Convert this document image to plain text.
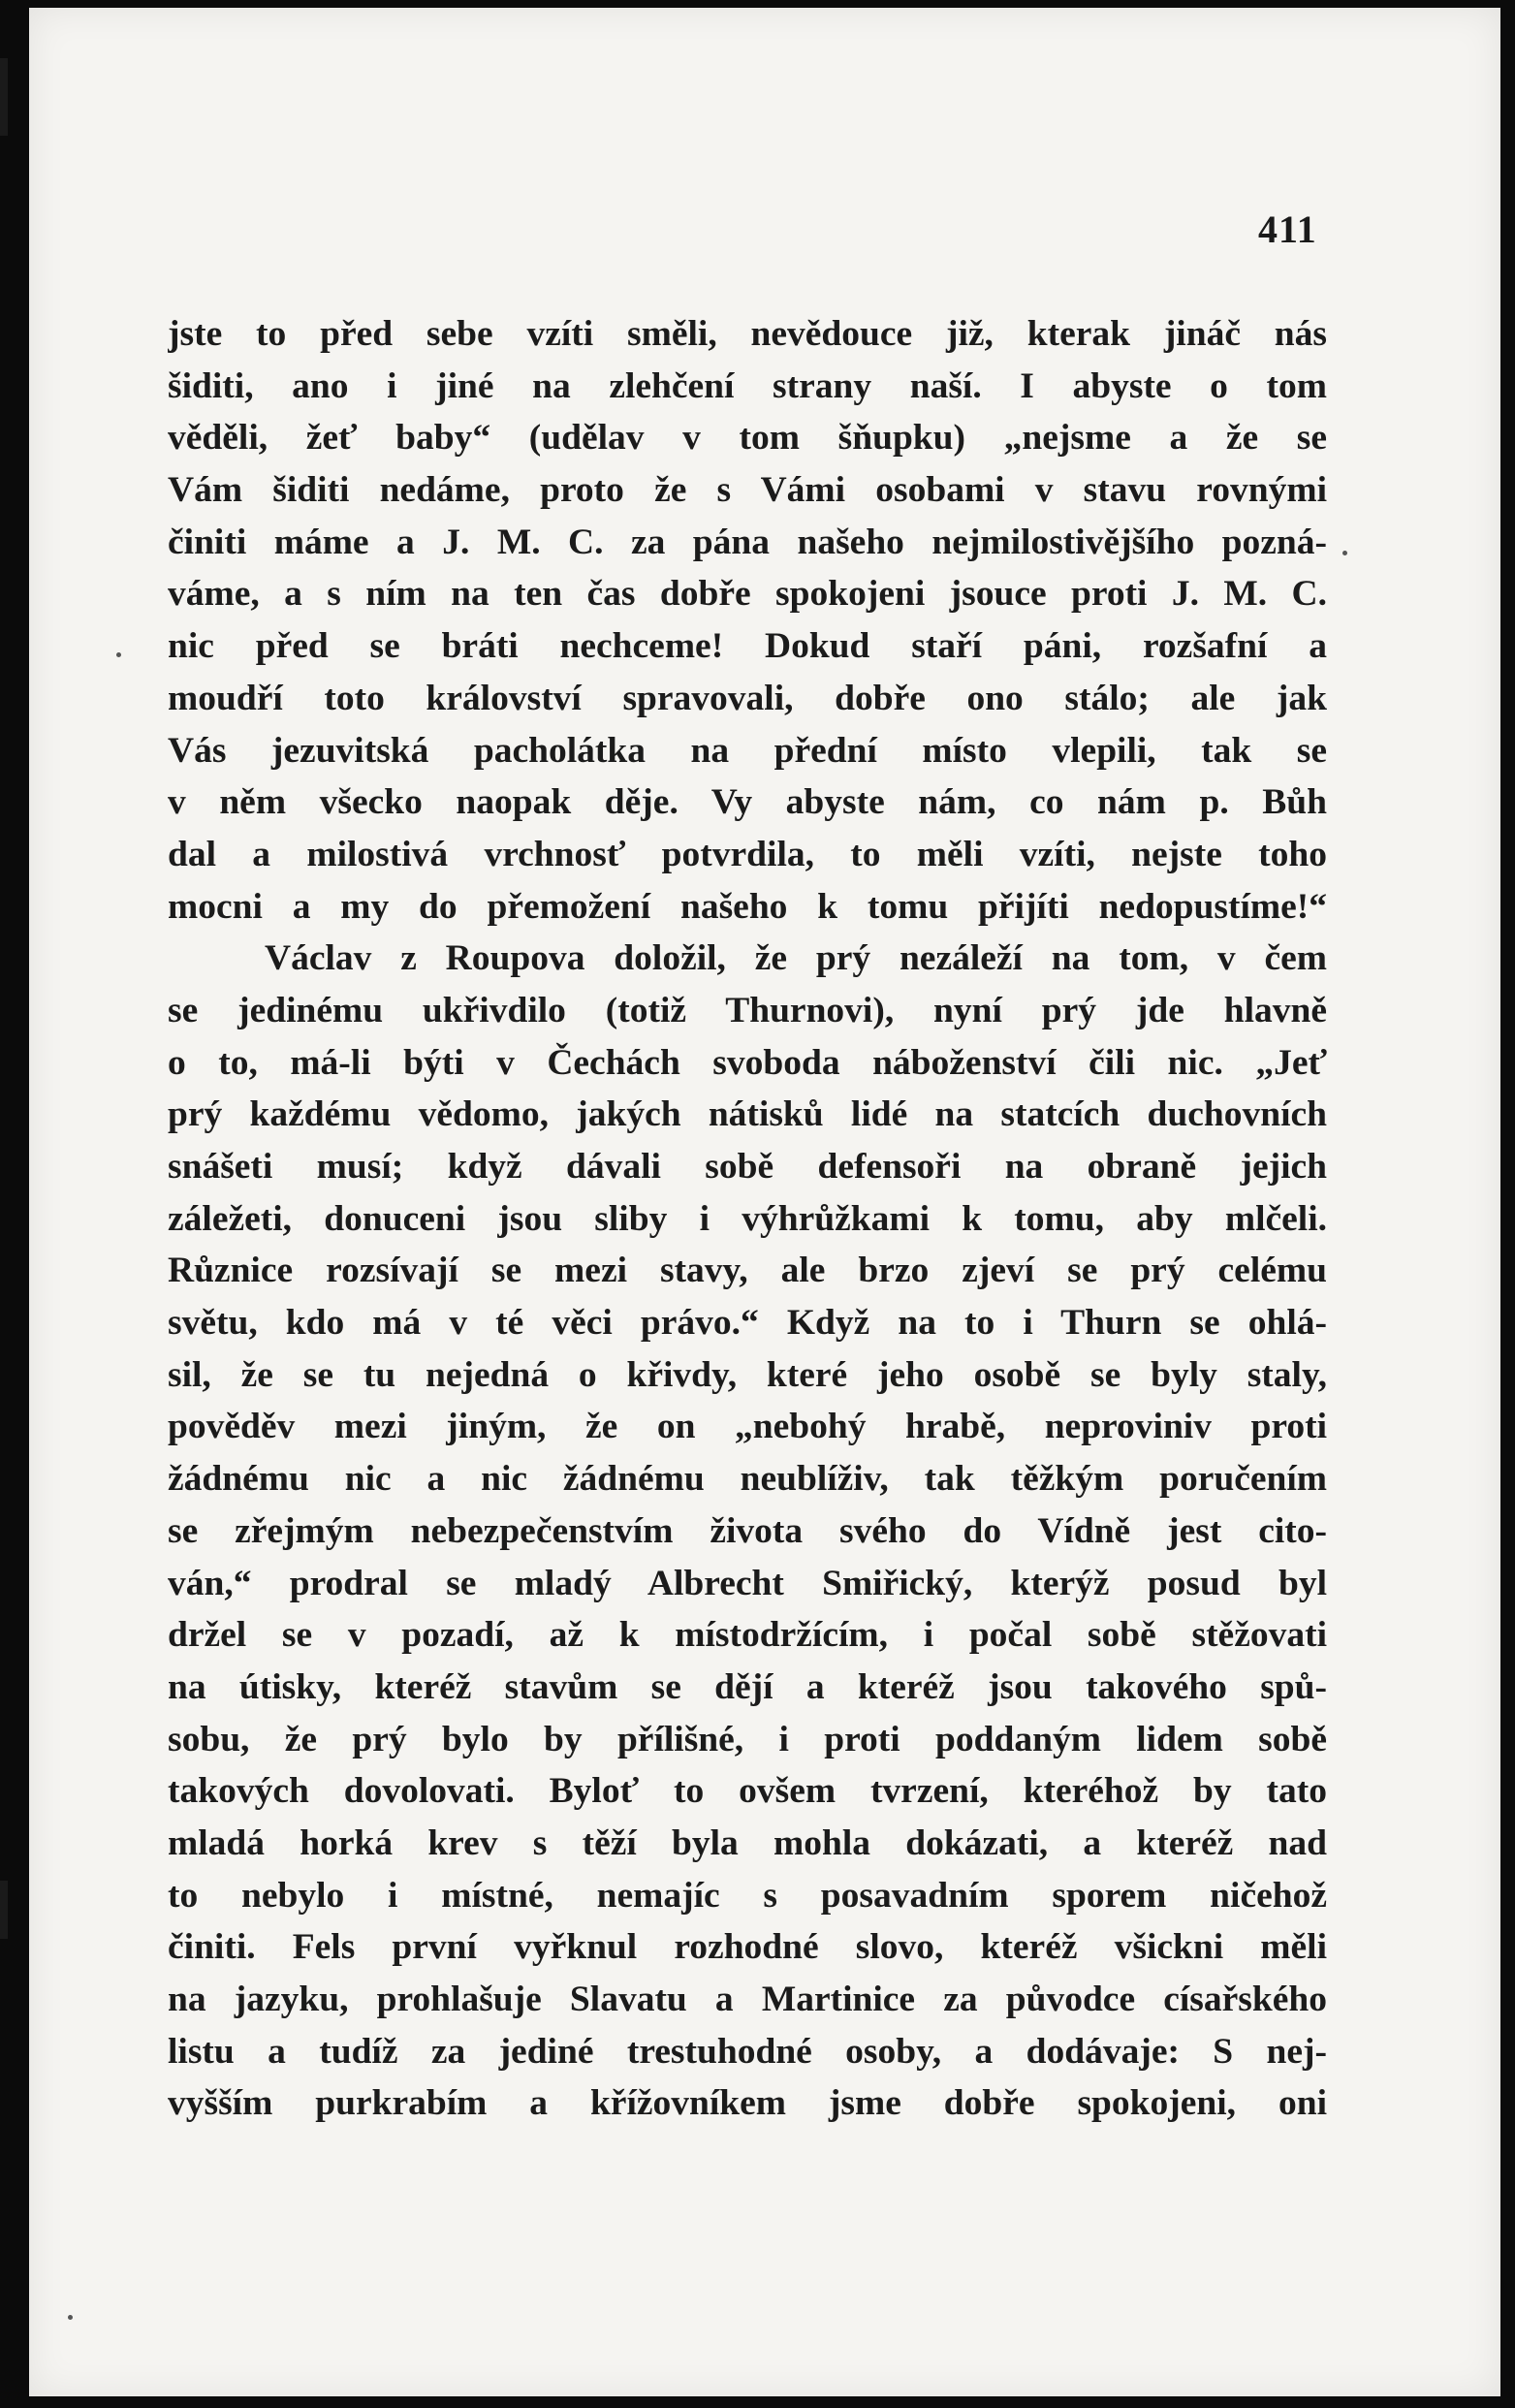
411
jste to před sebe vzíti směli, nevědouce již, kterak jináč nás
šiditi, ano i jiné na zlehčení strany naší. I abyste o tom
věděli, žeť baby“ (udělav v tom šňupku) „nejsme a že se
Vám šiditi nedáme, proto že s Vámi osobami v stavu rovnými
činiti máme a J. M. C. za pána našeho nejmilostivějšího pozná-
váme, a s ním na ten čas dobře spokojeni jsouce proti J. M. C.
nic před se bráti nechceme! Dokud staří páni, rozšafní a
moudří toto království spravovali, dobře ono stálo; ale jak
Vás jezuvitská pacholátka na přední místo vlepili, tak se
v něm všecko naopak děje. Vy abyste nám, co nám p. Bůh
dal a milostivá vrchnosť potvrdila, to měli vzíti, nejste toho
mocni a my do přemožení našeho k tomu přijíti nedopustíme!“
Václav z Roupova doložil, že prý nezáleží na tom, v čem
se jedinému ukřivdilo (totiž Thurnovi), nyní prý jde hlavně
o to, má-li býti v Čechách svoboda náboženství čili nic. „Jeť
prý každému vědomo, jakých nátisků lidé na statcích duchovních
snášeti musí; když dávali sobě defensoři na obraně jejich
záležeti, donuceni jsou sliby i výhrůžkami k tomu, aby mlčeli.
Různice rozsívají se mezi stavy, ale brzo zjeví se prý celému
světu, kdo má v té věci právo.“ Když na to i Thurn se ohlá-
sil, že se tu nejedná o křivdy, které jeho osobě se byly staly,
pověděv mezi jiným, že on „nebohý hrabě, neproviniv proti
žádnému nic a nic žádnému neublíživ, tak těžkým poručením
se zřejmým nebezpečenstvím života svého do Vídně jest cito-
ván,“ prodral se mladý Albrecht Smiřický, kterýž posud byl
držel se v pozadí, až k místodržícím, i počal sobě stěžovati
na útisky, kteréž stavům se dějí a kteréž jsou takového spů-
sobu, že prý bylo by přílišné, i proti poddaným lidem sobě
takových dovolovati. Byloť to ovšem tvrzení, kteréhož by tato
mladá horká krev s těží byla mohla dokázati, a kteréž nad
to nebylo i místné, nemajíc s posavadním sporem ničehož
činiti. Fels první vyřknul rozhodné slovo, kteréž všickni měli
na jazyku, prohlašuje Slavatu a Martinice za původce císařského
listu a tudíž za jediné trestuhodné osoby, a dodávaje: S nej-
vyšším purkrabím a křížovníkem jsme dobře spokojeni, oni
